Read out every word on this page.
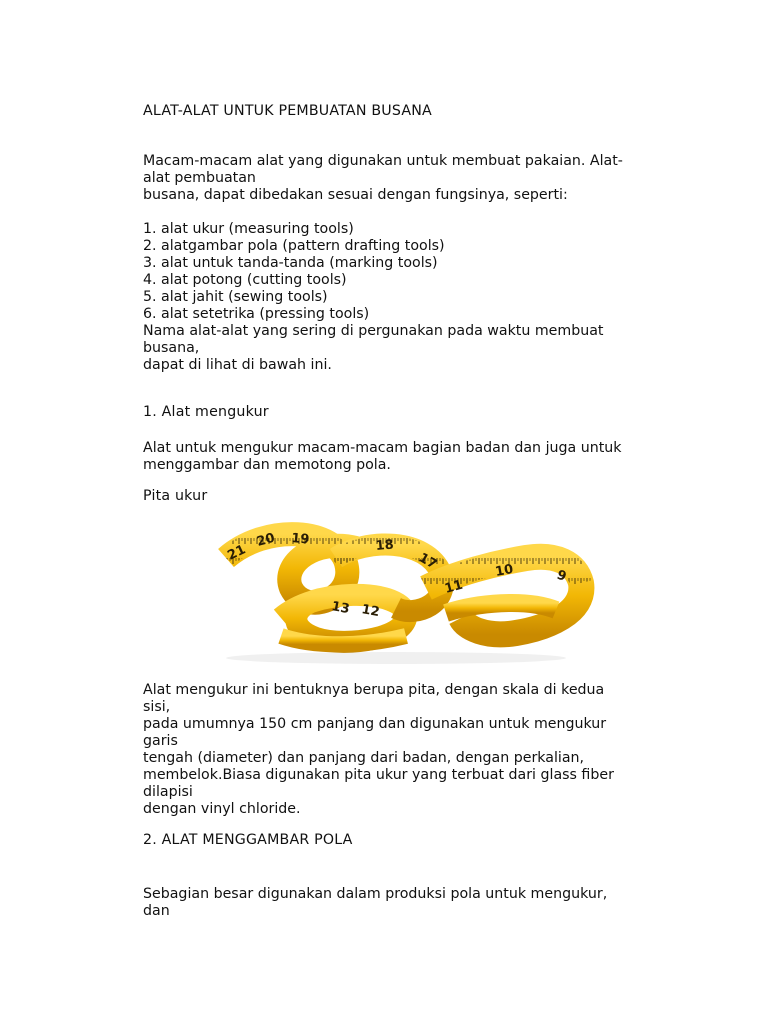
ALAT-ALAT UNTUK PEMBUATAN BUSANA

Macam-macam alat yang digunakan untuk membuat pakaian. Alat-
alat pembuatan
busana, dapat dibedakan sesuai dengan fungsinya, seperti:

1. alat ukur (measuring tools)
2. alatgambar pola (pattern drafting tools)
3. alat untuk tanda-tanda (marking tools)
4. alat potong (cutting tools)
5. alat jahit (sewing tools)
6. alat setetrika (pressing tools)
Nama alat-alat yang sering di pergunakan pada waktu membuat
busana,
dapat di lihat di bawah ini.

1. Alat mengukur

Alat untuk mengukur macam-macam bagian badan dan juga untuk
menggambar dan memotong pola.

Pita ukur

21
20 19	18
17
13 12
11
10	9

Alat mengukur ini bentuknya berupa pita, dengan skala di kedua
sisi,
pada umumnya 150 cm panjang dan digunakan untuk mengukur
garis
tengah (diameter) dan panjang dari badan, dengan perkalian,
membelok.Biasa digunakan pita ukur yang terbuat dari glass fiber
dilapisi
dengan vinyl chloride.

2. ALAT MENGGAMBAR POLA

Sebagian besar digunakan dalam produksi pola untuk mengukur,
dan
